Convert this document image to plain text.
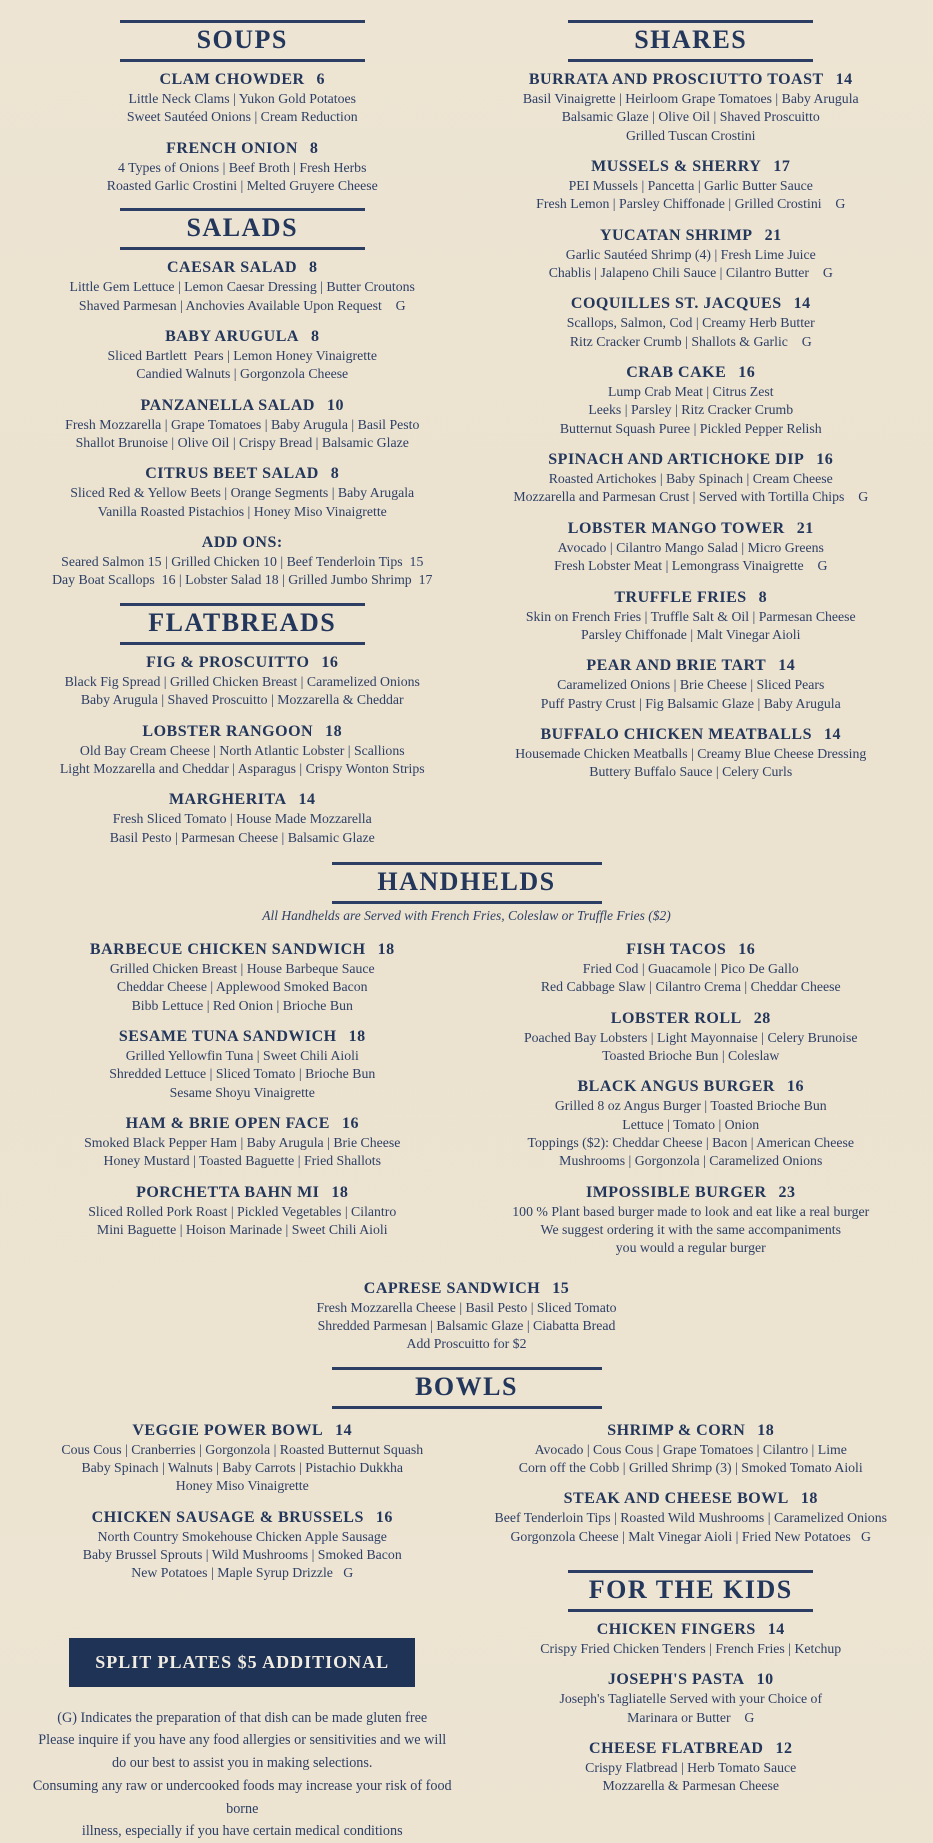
SOUPS
CLAM CHOWDER 6
Little Neck Clams | Yukon Gold Potatoes
Sweet Sautéed Onions | Cream Reduction
FRENCH ONION 8
4 Types of Onions | Beef Broth | Fresh Herbs
Roasted Garlic Crostini | Melted Gruyere Cheese
SALADS
CAESAR SALAD 8
Little Gem Lettuce | Lemon Caesar Dressing | Butter Croutons
Shaved Parmesan | Anchovies Available Upon Request    G
BABY ARUGULA 8
Sliced Bartlett  Pears | Lemon Honey Vinaigrette
Candied Walnuts | Gorgonzola Cheese
PANZANELLA SALAD 10
Fresh Mozzarella | Grape Tomatoes | Baby Arugula | Basil Pesto
Shallot Brunoise | Olive Oil | Crispy Bread | Balsamic Glaze
CITRUS BEET SALAD 8
Sliced Red & Yellow Beets | Orange Segments | Baby Arugala
Vanilla Roasted Pistachios | Honey Miso Vinaigrette
ADD ONS:
Seared Salmon 15 | Grilled Chicken 10 | Beef Tenderloin Tips  15
Day Boat Scallops  16 | Lobster Salad 18 | Grilled Jumbo Shrimp  17
FLATBREADS
FIG & PROSCUITTO 16
Black Fig Spread | Grilled Chicken Breast | Caramelized Onions
Baby Arugula | Shaved Proscuitto | Mozzarella & Cheddar
LOBSTER RANGOON 18
Old Bay Cream Cheese | North Atlantic Lobster | Scallions
Light Mozzarella and Cheddar | Asparagus | Crispy Wonton Strips
MARGHERITA 14
Fresh Sliced Tomato | House Made Mozzarella
Basil Pesto | Parmesan Cheese | Balsamic Glaze
SHARES
BURRATA AND PROSCIUTTO TOAST 14
Basil Vinaigrette | Heirloom Grape Tomatoes | Baby Arugula
Balsamic Glaze | Olive Oil | Shaved Proscuitto
Grilled Tuscan Crostini
MUSSELS & SHERRY 17
PEI Mussels | Pancetta | Garlic Butter Sauce
Fresh Lemon | Parsley Chiffonade | Grilled Crostini    G
YUCATAN SHRIMP 21
Garlic Sautéed Shrimp (4) | Fresh Lime Juice
Chablis | Jalapeno Chili Sauce | Cilantro Butter    G
COQUILLES ST. JACQUES 14
Scallops, Salmon, Cod | Creamy Herb Butter
Ritz Cracker Crumb | Shallots & Garlic    G
CRAB CAKE 16
Lump Crab Meat | Citrus Zest
Leeks | Parsley | Ritz Cracker Crumb
Butternut Squash Puree | Pickled Pepper Relish
SPINACH AND ARTICHOKE DIP 16
Roasted Artichokes | Baby Spinach | Cream Cheese
Mozzarella and Parmesan Crust | Served with Tortilla Chips    G
LOBSTER MANGO TOWER 21
Avocado | Cilantro Mango Salad | Micro Greens
Fresh Lobster Meat | Lemongrass Vinaigrette    G
TRUFFLE FRIES 8
Skin on French Fries | Truffle Salt & Oil | Parmesan Cheese
Parsley Chiffonade | Malt Vinegar Aioli
PEAR AND BRIE TART 14
Caramelized Onions | Brie Cheese | Sliced Pears
Puff Pastry Crust | Fig Balsamic Glaze | Baby Arugula
BUFFALO CHICKEN MEATBALLS 14
Housemade Chicken Meatballs | Creamy Blue Cheese Dressing
Buttery Buffalo Sauce | Celery Curls
HANDHELDS
All Handhelds are Served with French Fries, Coleslaw or Truffle Fries ($2)
BARBECUE CHICKEN SANDWICH 18
Grilled Chicken Breast | House Barbeque Sauce
Cheddar Cheese | Applewood Smoked Bacon
Bibb Lettuce | Red Onion | Brioche Bun
SESAME TUNA SANDWICH 18
Grilled Yellowfin Tuna | Sweet Chili Aioli
Shredded Lettuce | Sliced Tomato | Brioche Bun
Sesame Shoyu Vinaigrette
HAM & BRIE OPEN FACE 16
Smoked Black Pepper Ham | Baby Arugula | Brie Cheese
Honey Mustard | Toasted Baguette | Fried Shallots
PORCHETTA BAHN MI 18
Sliced Rolled Pork Roast | Pickled Vegetables | Cilantro
Mini Baguette | Hoison Marinade | Sweet Chili Aioli
FISH TACOS 16
Fried Cod | Guacamole | Pico De Gallo
Red Cabbage Slaw | Cilantro Crema | Cheddar Cheese
LOBSTER ROLL 28
Poached Bay Lobsters | Light Mayonnaise | Celery Brunoise
Toasted Brioche Bun | Coleslaw
BLACK ANGUS BURGER 16
Grilled 8 oz Angus Burger | Toasted Brioche Bun
Lettuce | Tomato | Onion
Toppings ($2): Cheddar Cheese | Bacon | American Cheese
Mushrooms | Gorgonzola | Caramelized Onions
IMPOSSIBLE BURGER 23
100 % Plant based burger made to look and eat like a real burger
We suggest ordering it with the same accompaniments
you would a regular burger
CAPRESE SANDWICH 15
Fresh Mozzarella Cheese | Basil Pesto | Sliced Tomato
Shredded Parmesan | Balsamic Glaze | Ciabatta Bread
Add Proscuitto for $2
BOWLS
VEGGIE POWER BOWL 14
Cous Cous | Cranberries | Gorgonzola | Roasted Butternut Squash
Baby Spinach | Walnuts | Baby Carrots | Pistachio Dukkha
Honey Miso Vinaigrette
CHICKEN SAUSAGE & BRUSSELS 16
North Country Smokehouse Chicken Apple Sausage
Baby Brussel Sprouts | Wild Mushrooms | Smoked Bacon
New Potatoes | Maple Syrup Drizzle   G
SPLIT PLATES $5 ADDITIONAL
(G) Indicates the preparation of that dish can be made gluten free
Please inquire if you have any food allergies or sensitivities and we will
do our best to assist you in making selections.
Consuming any raw or undercooked foods may increase your risk of food borne
illness, especially if you have certain medical conditions
SHRIMP & CORN 18
Avocado | Cous Cous | Grape Tomatoes | Cilantro | Lime
Corn off the Cobb | Grilled Shrimp (3) | Smoked Tomato Aioli
STEAK AND CHEESE BOWL 18
Beef Tenderloin Tips | Roasted Wild Mushrooms | Caramelized Onions
Gorgonzola Cheese | Malt Vinegar Aioli | Fried New Potatoes   G
FOR THE KIDS
CHICKEN FINGERS 14
Crispy Fried Chicken Tenders | French Fries | Ketchup
JOSEPH'S PASTA 10
Joseph's Tagliatelle Served with your Choice of
Marinara or Butter    G
CHEESE FLATBREAD 12
Crispy Flatbread | Herb Tomato Sauce
Mozzarella & Parmesan Cheese
